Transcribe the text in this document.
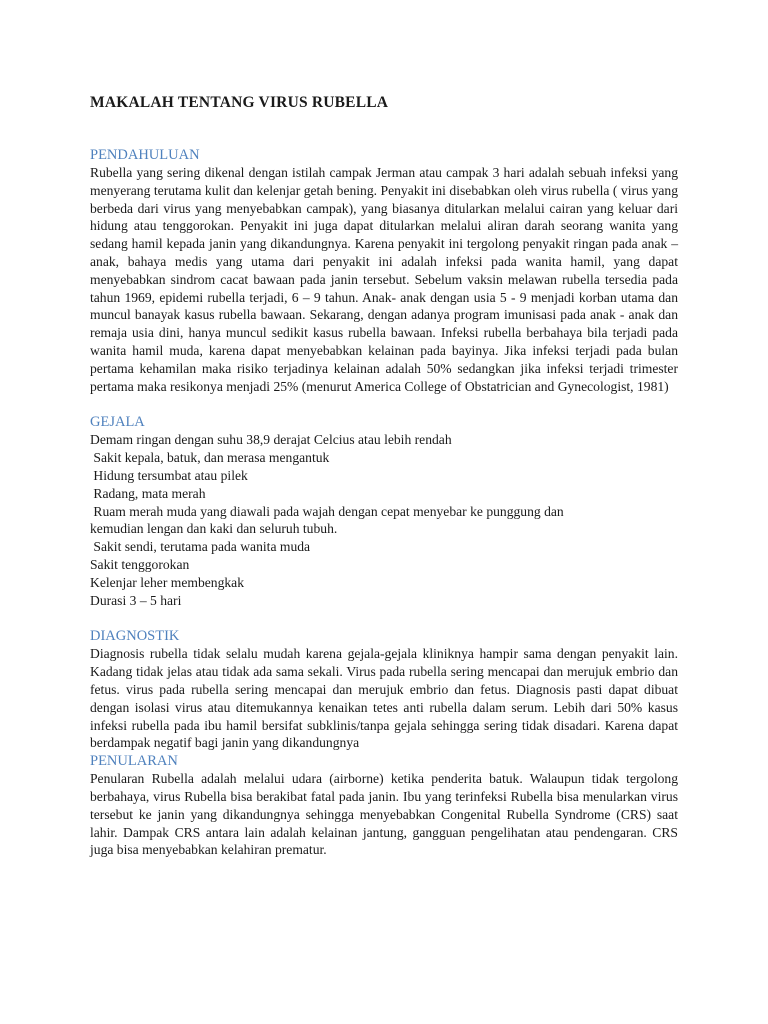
MAKALAH TENTANG VIRUS RUBELLA
PENDAHULUAN

Rubella yang sering dikenal dengan istilah campak Jerman atau campak 3 hari adalah sebuah infeksi yang menyerang terutama kulit dan kelenjar getah bening. Penyakit ini disebabkan oleh virus rubella ( virus yang berbeda dari virus yang menyebabkan campak), yang biasanya ditularkan melalui cairan yang keluar dari hidung atau tenggorokan. Penyakit ini juga dapat ditularkan melalui aliran darah seorang wanita yang sedang hamil kepada janin yang dikandungnya. Karena penyakit ini tergolong penyakit ringan pada anak – anak, bahaya medis yang utama dari penyakit ini adalah infeksi pada wanita hamil, yang dapat menyebabkan sindrom cacat bawaan pada janin tersebut. Sebelum vaksin melawan rubella tersedia pada tahun 1969, epidemi rubella terjadi, 6 – 9 tahun. Anak- anak dengan usia 5 - 9 menjadi korban utama dan muncul banayak kasus rubella bawaan. Sekarang, dengan adanya program imunisasi pada anak - anak dan remaja usia dini, hanya muncul sedikit kasus rubella bawaan. Infeksi rubella berbahaya bila terjadi pada wanita hamil muda, karena dapat menyebabkan kelainan pada bayinya. Jika infeksi terjadi pada bulan pertama kehamilan maka risiko terjadinya kelainan adalah 50% sedangkan jika infeksi terjadi trimester pertama maka resikonya menjadi 25% (menurut America College of Obstatrician and Gynecologist, 1981)

GEJALA

Demam ringan dengan suhu 38,9 derajat Celcius atau lebih rendah

Sakit kepala, batuk, dan merasa mengantuk

Hidung tersumbat atau pilek

Radang, mata merah

Ruam merah muda yang diawali pada wajah dengan cepat menyebar ke punggung dan

kemudian lengan dan kaki dan seluruh tubuh.

Sakit sendi, terutama pada wanita muda

Sakit tenggorokan

Kelenjar leher membengkak

Durasi 3 – 5 hari

DIAGNOSTIK

Diagnosis rubella tidak selalu mudah karena gejala-gejala kliniknya hampir sama dengan penyakit lain. Kadang tidak jelas atau tidak ada sama sekali. Virus pada rubella sering mencapai dan merujuk embrio dan fetus. virus pada rubella sering mencapai dan merujuk embrio dan fetus. Diagnosis pasti dapat dibuat dengan isolasi virus atau ditemukannya kenaikan tetes anti rubella dalam serum. Lebih dari 50% kasus infeksi rubella pada ibu hamil bersifat subklinis/tanpa gejala sehingga sering tidak disadari. Karena dapat berdampak negatif bagi janin yang dikandungnya

PENULARAN

Penularan Rubella adalah melalui udara (airborne) ketika penderita batuk. Walaupun tidak tergolong berbahaya, virus Rubella bisa berakibat fatal pada janin. Ibu yang terinfeksi Rubella bisa menularkan virus tersebut ke janin yang dikandungnya sehingga menyebabkan Congenital Rubella Syndrome (CRS) saat lahir. Dampak CRS antara lain adalah kelainan jantung, gangguan pengelihatan atau pendengaran. CRS juga bisa menyebabkan kelahiran prematur.
